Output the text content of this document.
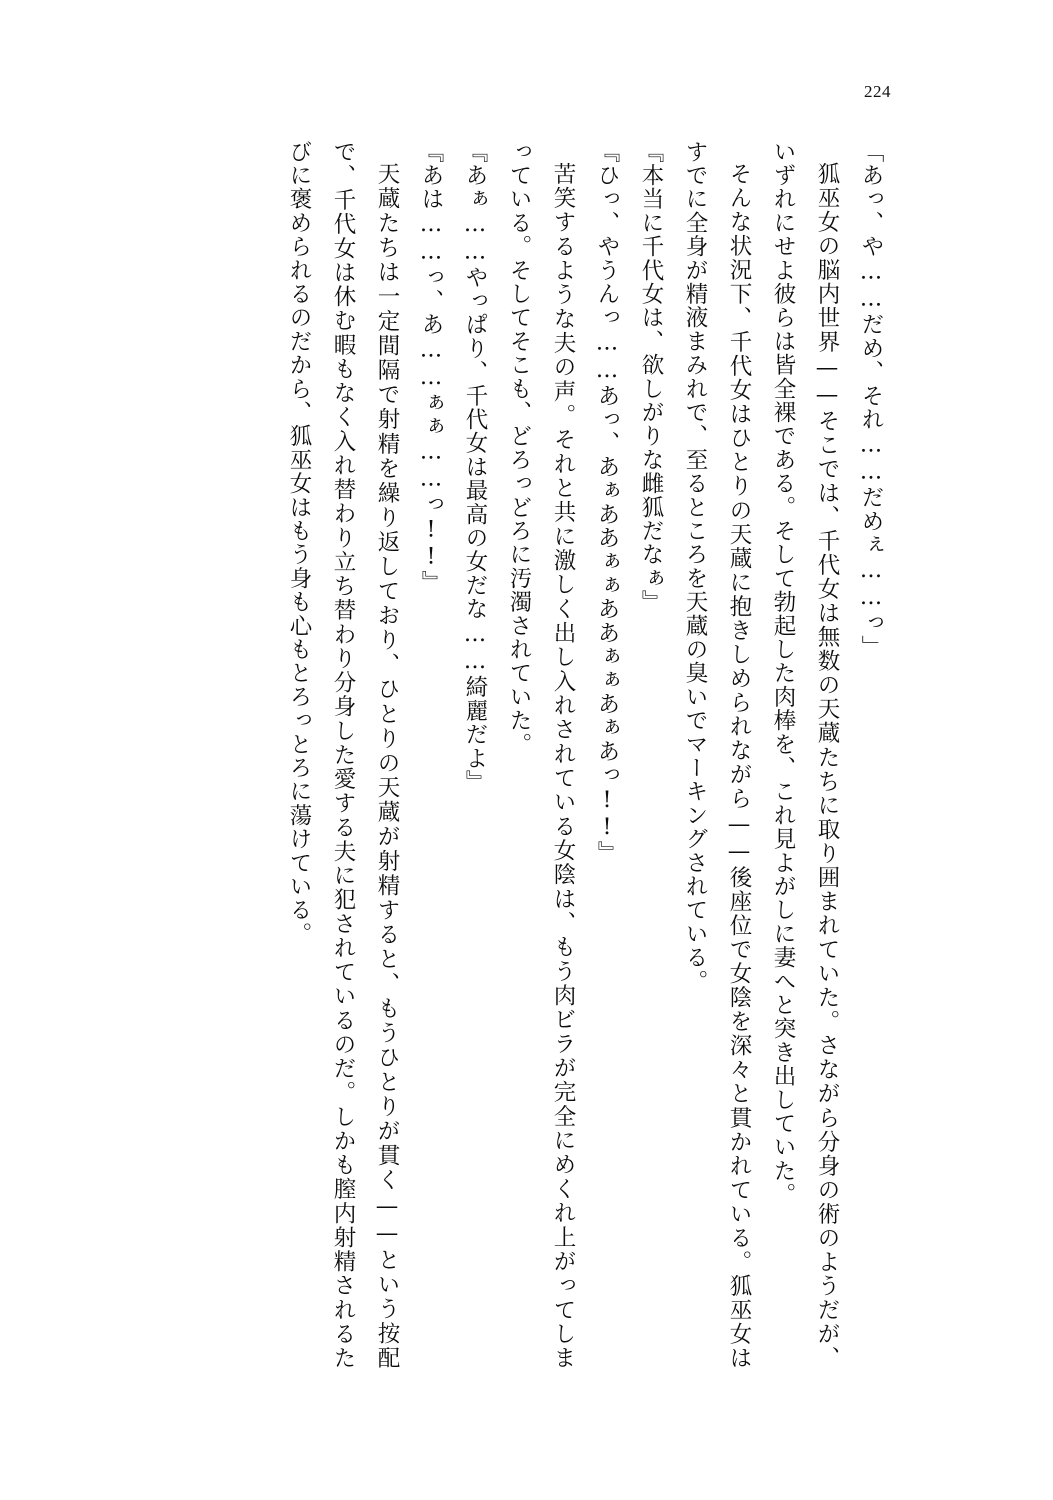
224

「あっ、や……だめ、それ……だめぇ……っ」

狐巫女の脳内世界——そこでは、千代女は無数の天蔵たちに取り囲まれていた。さながら分身の術のようだが、いずれにせよ彼らは皆全裸である。そして勃起した肉棒を、これ見よがしに妻へと突き出していた。

そんな状況下、千代女はひとりの天蔵に抱きしめられながら——後座位で女陰を深々と貫かれている。狐巫女はすでに全身が精液まみれで、至るところを天蔵の臭いでマーキングされている。

『本当に千代女は、欲しがりな雌狐だなぁ』

『ひっ、やうんっ……あっ、あぁああぁぁああぁぁあぁあっ!!』

苦笑するような夫の声。それと共に激しく出し入れされている女陰は、もう肉ビラが完全にめくれ上がってしまっている。そしてそこも、どろっどろに汚濁されていた。

『あぁ……やっぱり、千代女は最高の女だな……綺麗だよ』

『あは……っ、あ……ぁぁ……っ!!』

天蔵たちは一定間隔で射精を繰り返しており、ひとりの天蔵が射精すると、もうひとりが貫く——という按配で、千代女は休む暇もなく入れ替わり立ち替わり分身した愛する夫に犯されているのだ。しかも膣内射精されるたびに褒められるのだから、狐巫女はもう身も心もとろっとろに蕩けている。
